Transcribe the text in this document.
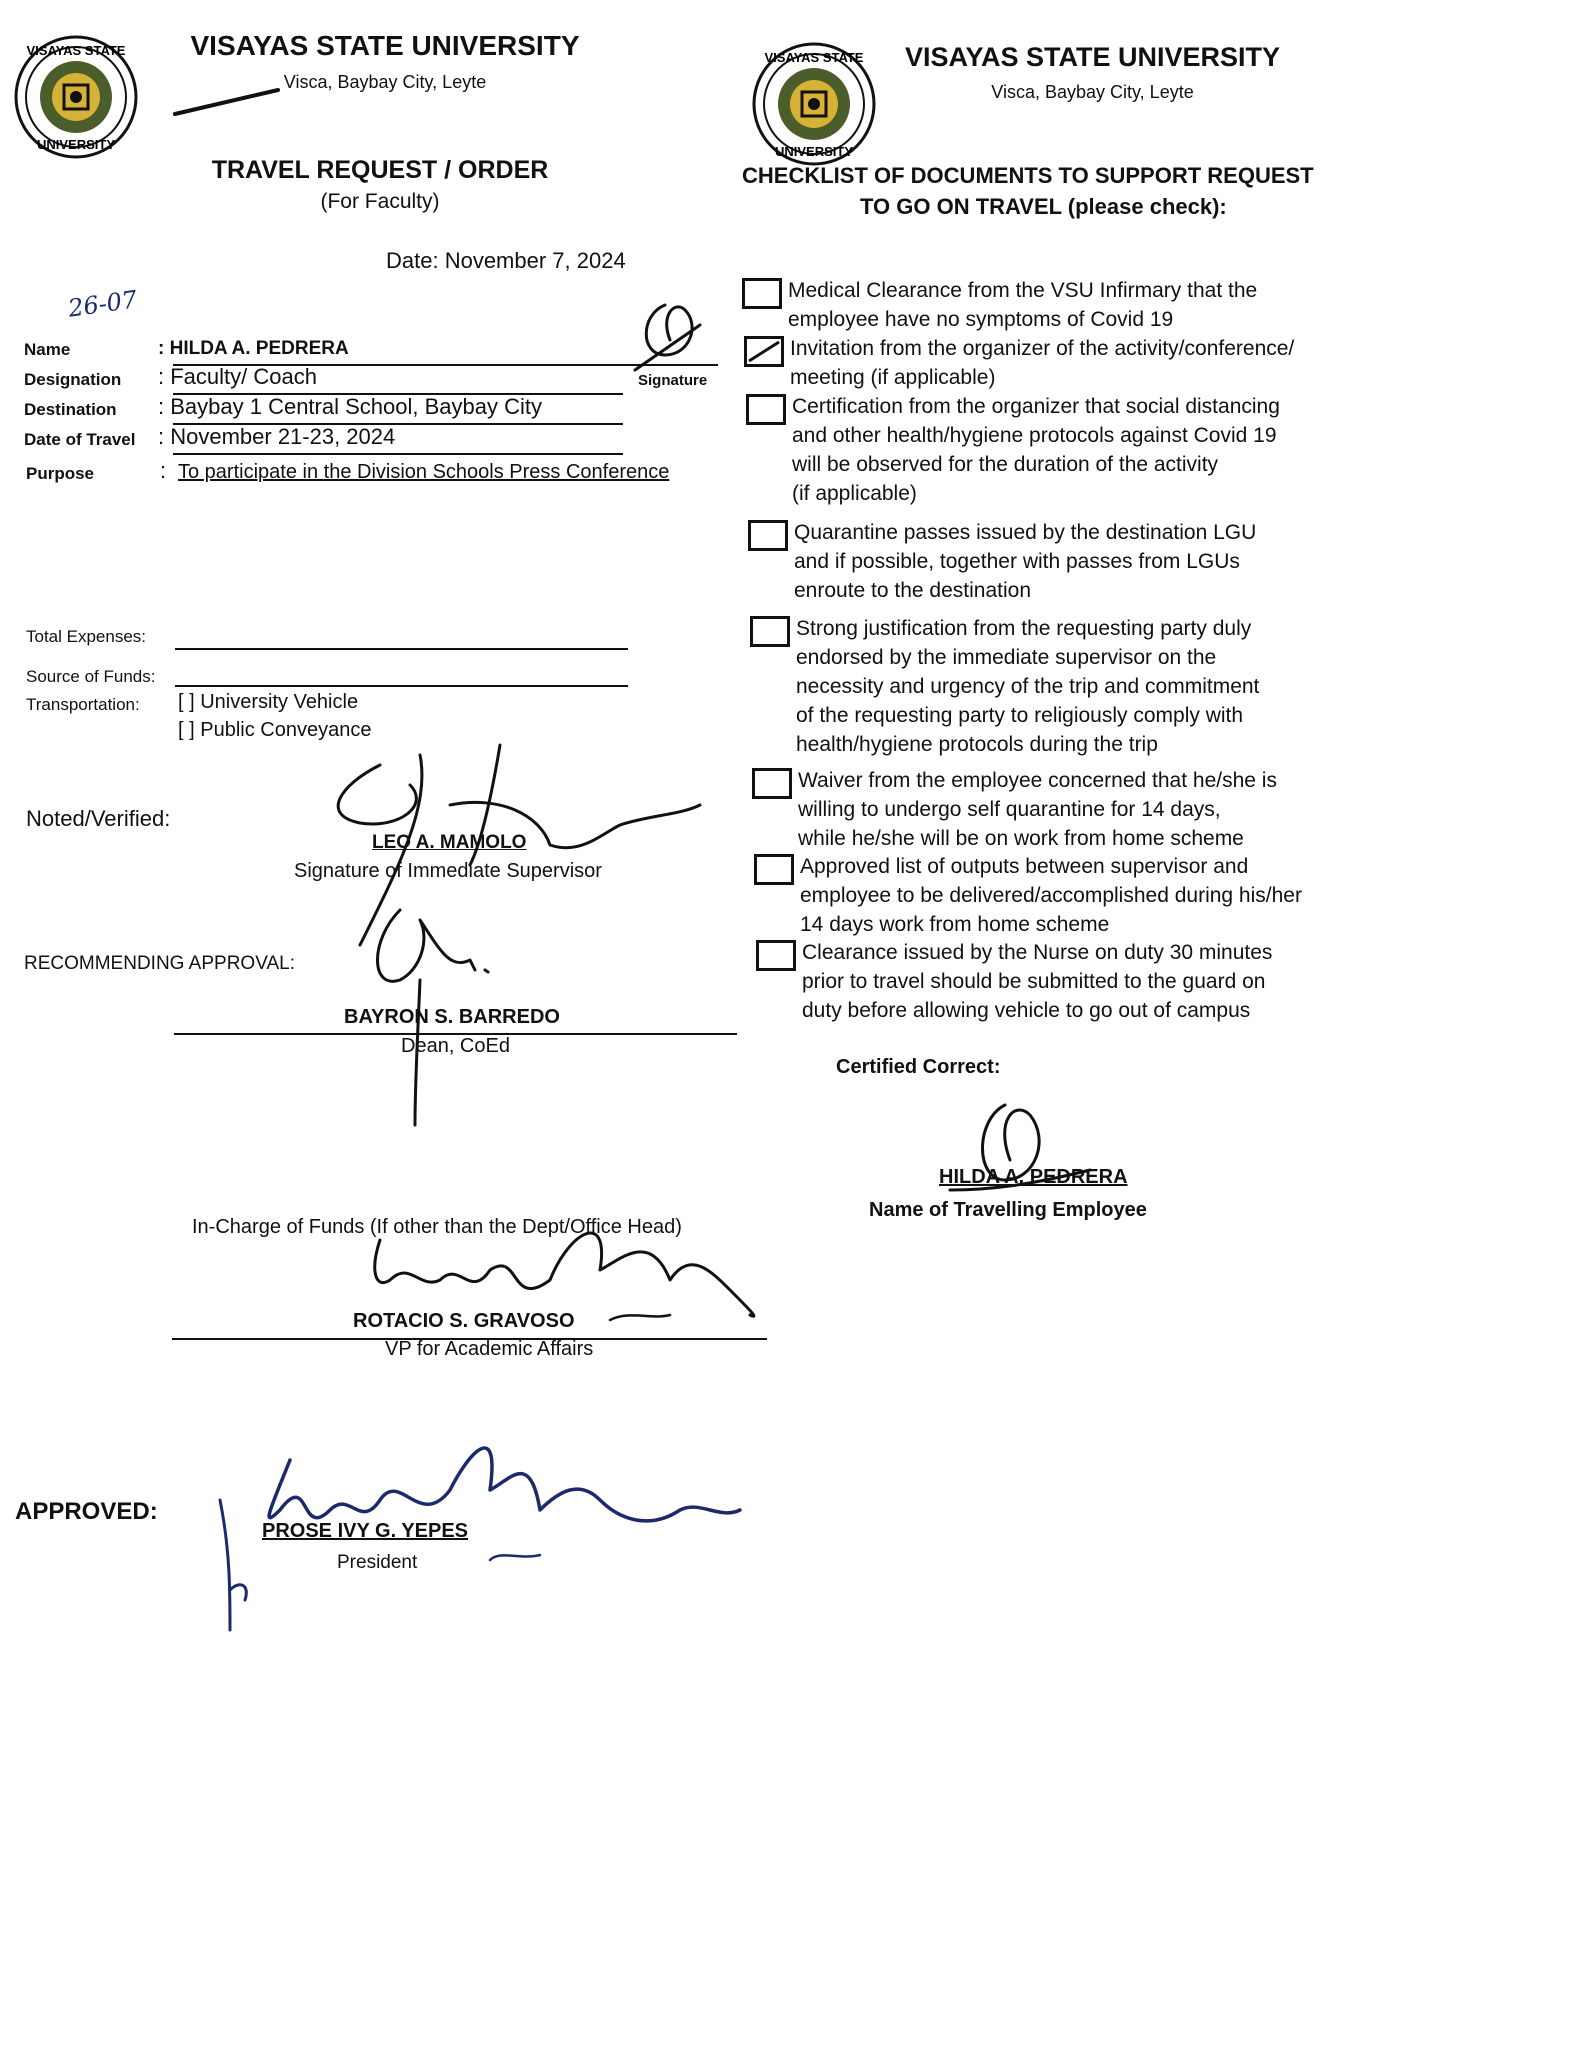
VISAYAS STATE
UNIVERSITY
VISAYAS STATE UNIVERSITY
Visca, Baybay City, Leyte
TRAVEL REQUEST / ORDER
(For Faculty)
Date: November 7, 2024
26-07
Name	: HILDA A. PEDRERA
Signature
Designation : Faculty/ Coach
Destination : Baybay 1 Central School, Baybay City
Date of Travel : November 21-23, 2024
Purpose	: To participate in the Division Schools Press Conference
Total Expenses:
Source of Funds:
Transportation: [ ] University Vehicle
[ ] Public Conveyance
Noted/Verified:
LEO A. MAMOLO
Signature of Immediate Supervisor
RECOMMENDING APPROVAL:
BAYRON S. BARREDO
Dean, CoEd
In-Charge of Funds (If other than the Dept/Office Head)
ROTACIO S. GRAVOSO
VP for Academic Affairs
APPROVED:
PROSE IVY G. YEPES
President
VISAYAS STATE
UNIVERSITY
VISAYAS STATE UNIVERSITY
Visca, Baybay City, Leyte
CHECKLIST OF DOCUMENTS TO SUPPORT REQUEST
TO GO ON TRAVEL (please check):
Medical Clearance from the VSU Infirmary that the
employee have no symptoms of Covid 19
Invitation from the organizer of the activity/conference/
meeting (if applicable)
Certification from the organizer that social distancing
and other health/hygiene protocols against Covid 19
will be observed for the duration of the activity
(if applicable)
Quarantine passes issued by the destination LGU
and if possible, together with passes from LGUs
enroute to the destination
Strong justification from the requesting party duly
endorsed by the immediate supervisor on the
necessity and urgency of the trip and commitment
of the requesting party to religiously comply with
health/hygiene protocols during the trip
Waiver from the employee concerned that he/she is
willing to undergo self quarantine for 14 days,
while he/she will be on work from home scheme
Approved list of outputs between supervisor and
employee to be delivered/accomplished during his/her
14 days work from home scheme
Clearance issued by the Nurse on duty 30 minutes
prior to travel should be submitted to the guard on
duty before allowing vehicle to go out of campus
Certified Correct:
HILDA A. PEDRERA
Name of Travelling Employee
